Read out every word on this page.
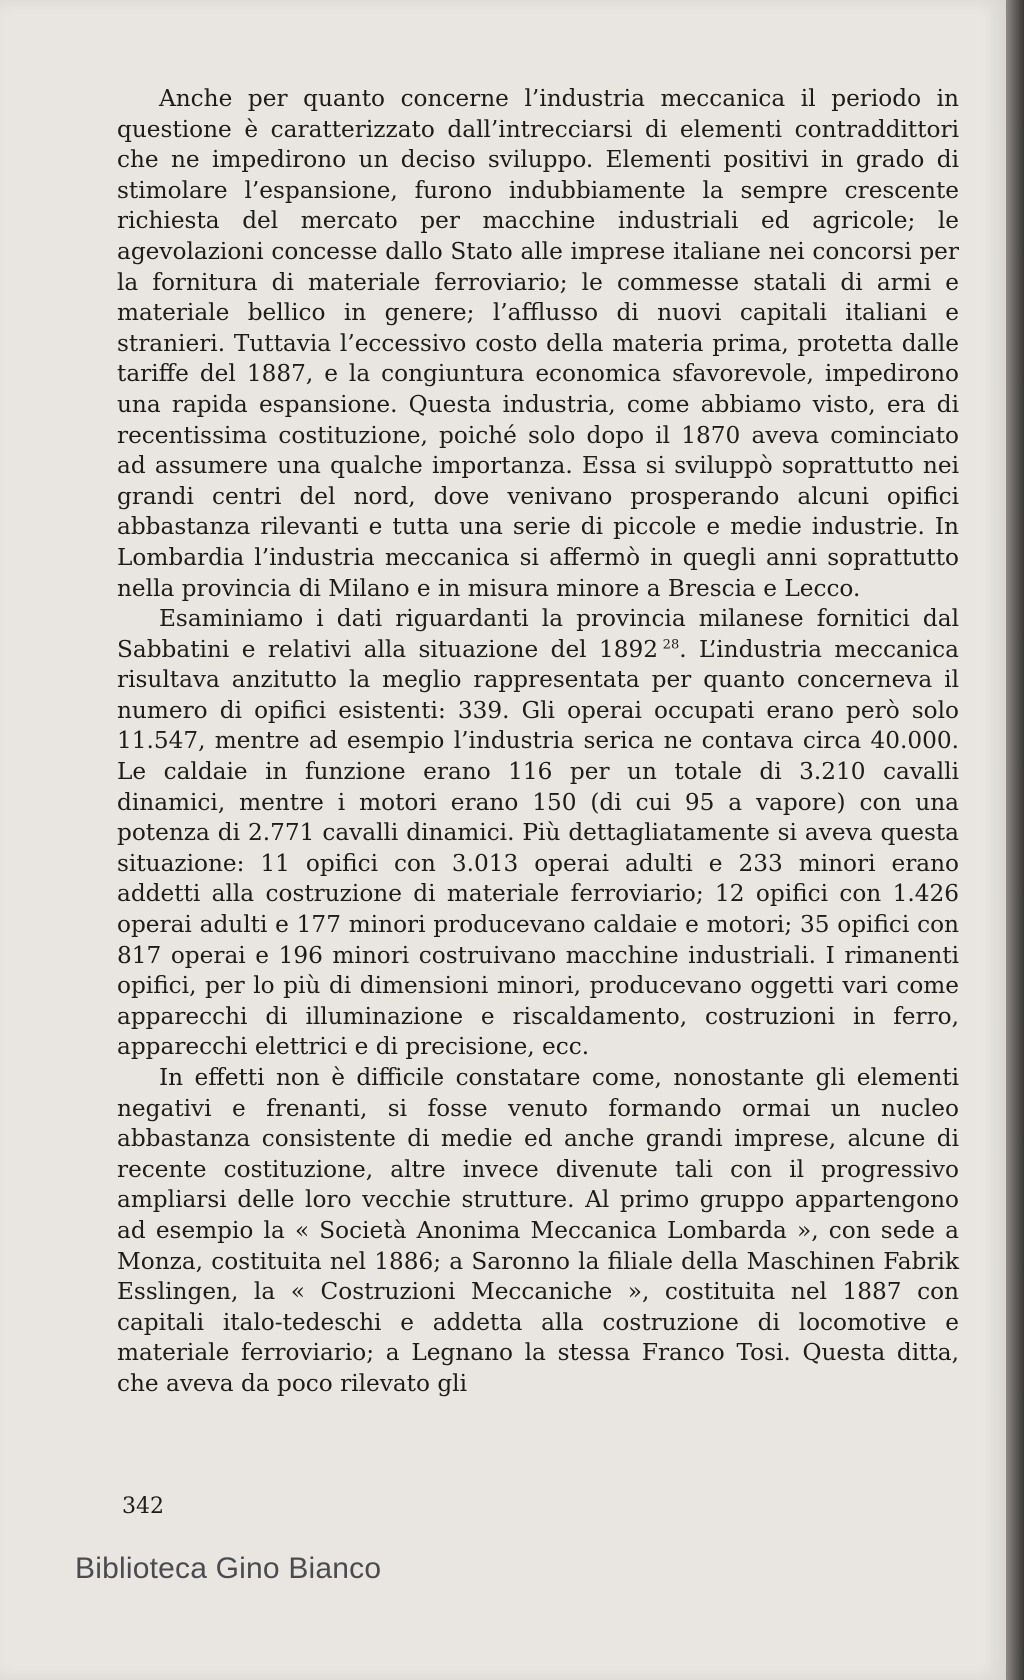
Anche per quanto concerne l’industria meccanica il periodo in questione è caratterizzato dall’intrecciarsi di elementi contraddittori che ne impedirono un deciso sviluppo. Elementi positivi in grado di stimolare l’espansione, furono indubbiamente la sempre crescente richiesta del mercato per macchine industriali ed agricole; le agevolazioni concesse dallo Stato alle imprese italiane nei concorsi per la fornitura di materiale ferroviario; le commesse statali di armi e materiale bellico in genere; l’afflusso di nuovi capitali italiani e stranieri. Tuttavia l’eccessivo costo della materia prima, protetta dalle tariffe del 1887, e la congiuntura economica sfavorevole, impedirono una rapida espansione. Questa industria, come abbiamo visto, era di recentissima costituzione, poiché solo dopo il 1870 aveva cominciato ad assumere una qualche importanza. Essa si sviluppò soprattutto nei grandi centri del nord, dove venivano prosperando alcuni opifici abbastanza rilevanti e tutta una serie di piccole e medie industrie. In Lombardia l’industria meccanica si affermò in quegli anni soprattutto nella provincia di Milano e in misura minore a Brescia e Lecco.

Esaminiamo i dati riguardanti la provincia milanese fornitici dal Sabbatini e relativi alla situazione del 1892  $^{28}$. L’industria meccanica risultava anzitutto la meglio rappresentata per quanto concerneva il numero di opifici esistenti: 339. Gli operai occupati erano però solo 11.547, mentre ad esempio l’industria serica ne contava circa 40.000. Le caldaie in funzione erano 116 per un totale di 3.210 cavalli dinamici, mentre i motori erano 150 (di cui 95 a vapore) con una potenza di 2.771 cavalli dinamici. Più dettagliatamente si aveva questa situazione: 11 opifici con 3.013 operai adulti e 233 minori erano addetti alla costruzione di materiale ferroviario; 12 opifici con 1.426 operai adulti e 177 minori producevano caldaie e motori; 35 opifici con 817 operai e 196 minori costruivano macchine industriali. I rimanenti opifici, per lo più di dimensioni minori, producevano oggetti vari come apparecchi di illuminazione e riscaldamento, costruzioni in ferro, apparecchi elettrici e di precisione, ecc.

In effetti non è difficile constatare come, nonostante gli elementi negativi e frenanti, si fosse venuto formando ormai un nucleo abbastanza consistente di medie ed anche grandi imprese, alcune di recente costituzione, altre invece divenute tali con il progressivo ampliarsi delle loro vecchie strutture. Al primo gruppo appartengono ad esempio la « Società Anonima Meccanica Lombarda », con sede a Monza, costituita nel 1886; a Saronno la filiale della Maschinen Fabrik Esslingen, la « Costruzioni Meccaniche », costituita nel 1887 con capitali italo-tedeschi e addetta alla costruzione di locomotive e materiale ferroviario; a Legnano la stessa Franco Tosi. Questa ditta, che aveva da poco rilevato gli

342
Biblioteca Gino Bianco
